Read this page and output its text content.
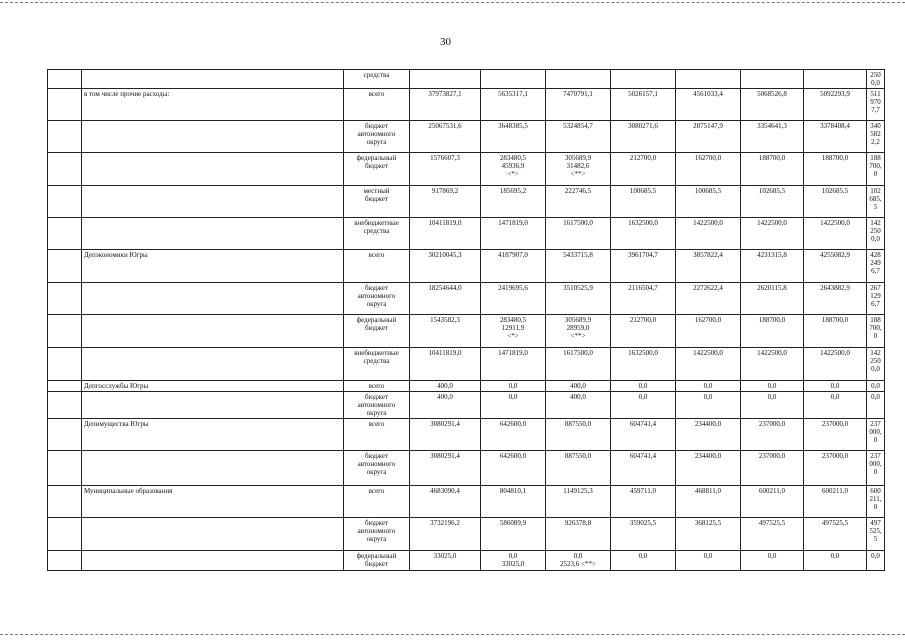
30
		средства								250
0,0

	в том числе прочие расходы:	всего	37973827,1	5635317,1	7470791,1	5026157,1	4561033,4	5068526,8	5092293,9	511
970
7,7

		бюджет
автономного
округа	25067531,6	3648385,5	5324854,7	3080271,6	2875147,9	3354641,3	3378408,4	340
582
2,2

		федеральный
бюджет	1576607,3	283480,5
45936,9
<*>	305689,9
31482,6
<**>	212700,0	162700,0	188700,0	188700,0	188
700,
0

		местный
бюджет	917869,2	185695,2	222746,5	100685,5	100685,5	102685,5	102685,5	102
685,
5

		внебюджетные
средства	10411819,0	1471819,0	1617500,0	1632500,0	1422500,0	1422500,0	1422500,0	142
250
0,0

	Депэкономики Югры	всего	30210045,3	4187907,0	5433715,8	3961704,7	3857822,4	4231315,8	4255082,9	428
249
6,7

		бюджет
автономного
округа	18254644,0	2419695,6	3510525,9	2116504,7	2272622,4	2620115,8	2643882,9	267
129
6,7

		федеральный
бюджет	1543582,3	283480,5
12911,9
<*>	305689,9
28959,0
<**>	212700,0	162700,0	188700,0	188700,0	188
700,
0

		внебюджетные
средства	10411819,0	1471819,0	1617500,0	1632500,0	1422500,0	1422500,0	1422500,0	142
250
0,0

	Депгосслужбы Югры	всего	400,0	0,0	400,0	0,0	0,0	0,0	0,0	0,0

		бюджет
автономного
округа	400,0	0,0	400,0	0,0	0,0	0,0	0,0	0,0

	Депимущества Югры	всего	3080291,4	642600,0	887550,0	604741,4	234400,0	237000,0	237000,0	237
000,
0

		бюджет
автономного
округа	3080291,4	642600,0	887550,0	604741,4	234400,0	237000,0	237000,0	237
000,
0

	Муниципальные образования	всего	4683090,4	804810,1	1149125,3	459711,0	468811,0	600211,0	600211,0	600
211,
0

		бюджет
автономного
округа	3732196,2	586089,9	926378,8	359025,5	368125,5	497525,5	497525,5	497
525,
5

		федеральный
бюджет	33025,0	0,0
33025,0	0,0
2523,6 <**>	0,0	0,0	0,0	0,0	0,0
